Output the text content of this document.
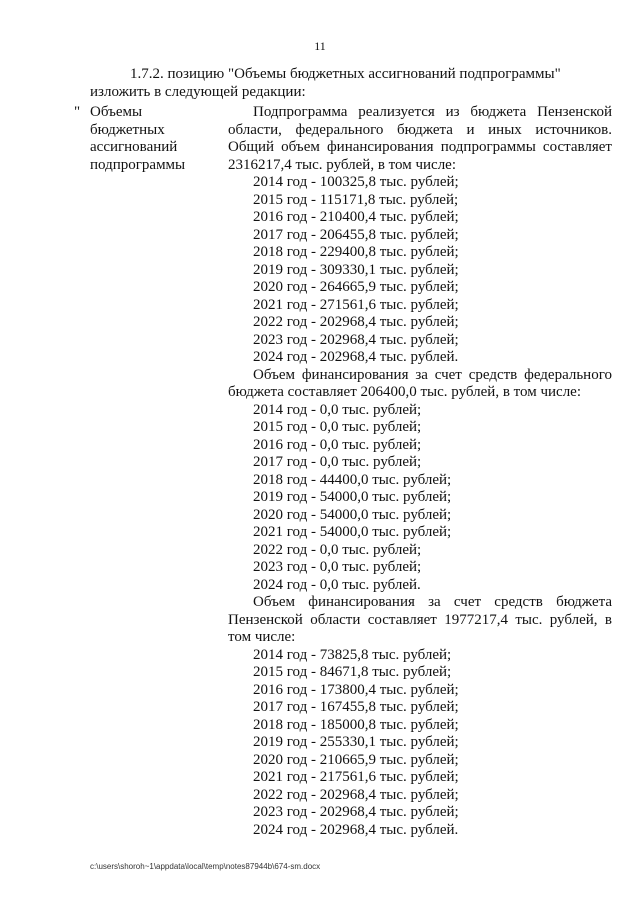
11
1.7.2. позицию "Объемы бюджетных ассигнований подпрограммы"
изложить в следующей редакции:
" Объемы бюджетных ассигнований подпрограммы
Подпрограмма реализуется из бюджета Пензенской области, федерального бюджета и иных источников. Общий объем финансирования подпрограммы составляет 2316217,4 тыс. рублей, в том числе:
2014 год - 100325,8 тыс. рублей;
2015 год - 115171,8 тыс. рублей;
2016 год - 210400,4 тыс. рублей;
2017 год - 206455,8 тыс. рублей;
2018 год - 229400,8 тыс. рублей;
2019 год - 309330,1 тыс. рублей;
2020 год - 264665,9 тыс. рублей;
2021 год - 271561,6 тыс. рублей;
2022 год - 202968,4 тыс. рублей;
2023 год - 202968,4 тыс. рублей;
2024 год - 202968,4 тыс. рублей.
Объем финансирования за счет средств федерального бюджета составляет 206400,0 тыс. рублей, в том числе:
2014 год - 0,0 тыс. рублей;
2015 год - 0,0 тыс. рублей;
2016 год - 0,0 тыс. рублей;
2017 год - 0,0 тыс. рублей;
2018 год - 44400,0 тыс. рублей;
2019 год - 54000,0 тыс. рублей;
2020 год - 54000,0 тыс. рублей;
2021 год - 54000,0 тыс. рублей;
2022 год - 0,0 тыс. рублей;
2023 год - 0,0 тыс. рублей;
2024 год - 0,0 тыс. рублей.
Объем финансирования за счет средств бюджета Пензенской области составляет 1977217,4 тыс. рублей, в том числе:
2014 год - 73825,8 тыс. рублей;
2015 год - 84671,8 тыс. рублей;
2016 год - 173800,4 тыс. рублей;
2017 год - 167455,8 тыс. рублей;
2018 год - 185000,8 тыс. рублей;
2019 год - 255330,1 тыс. рублей;
2020 год - 210665,9 тыс. рублей;
2021 год - 217561,6 тыс. рублей;
2022 год - 202968,4 тыс. рублей;
2023 год - 202968,4 тыс. рублей;
2024 год - 202968,4 тыс. рублей.
c:\users\shoroh~1\appdata\local\temp\notes87944b\674-sm.docx
